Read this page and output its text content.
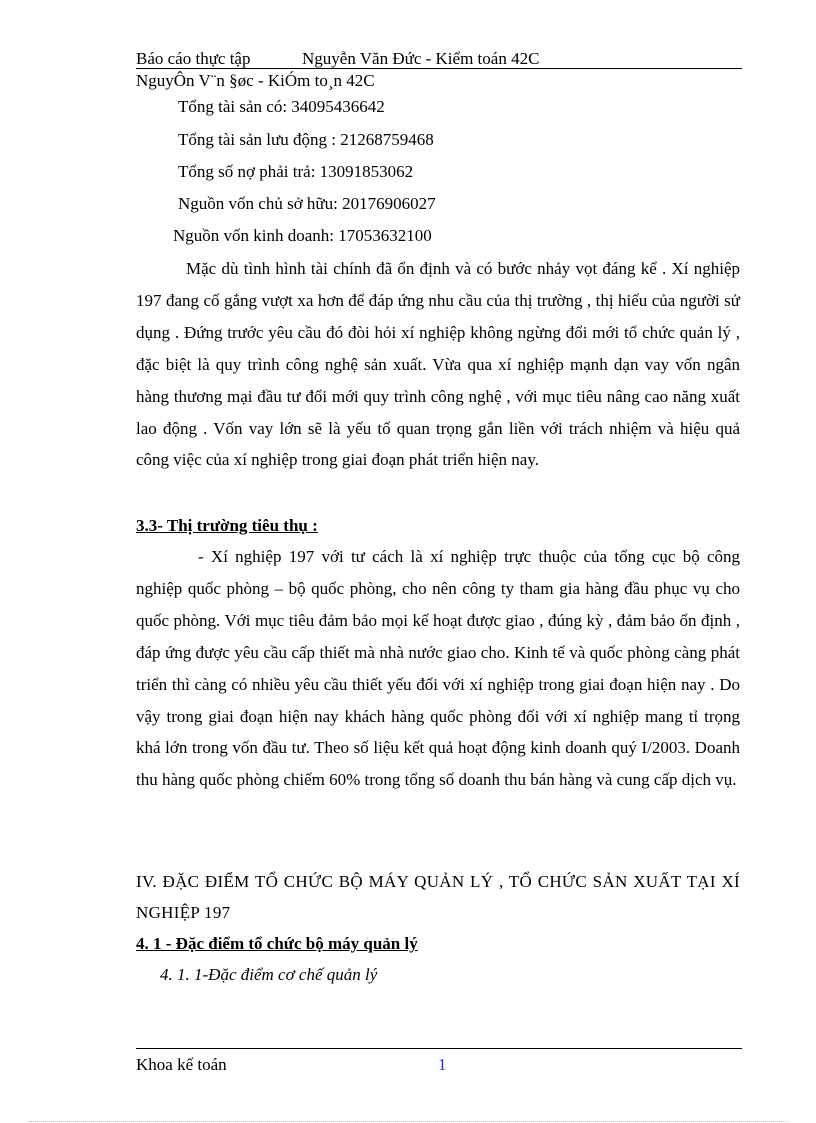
Báo cáo thực tập	Nguyễn Văn Đức - Kiểm toán 42C
NguyÔn V¨n §øc - KiÓm to¸n 42C
Tổng tài sản có: 34095436642
Tổng tài sản lưu động : 21268759468
Tổng số nợ phải trả: 13091853062
Nguồn vốn chủ sở hữu: 20176906027
Nguồn vốn kinh doanh: 17053632100
Mặc dù tình hình tài chính đã ổn định và có bước nhảy vọt đáng kể . Xí nghiệp 197 đang cố gắng vượt xa hơn để đáp ứng nhu cầu của thị trường , thị hiếu của người sử dụng . Đứng trước yêu cầu đó đòi hỏi xí nghiệp không ngừng đổi mới tổ chức quản lý , đặc biệt là quy trình công nghệ sản xuất. Vừa qua xí nghiệp mạnh dạn vay vốn ngân hàng thương mại đầu tư đổi mới quy trình công nghệ , với mục tiêu nâng cao năng xuất lao động . Vốn vay lớn sẽ là yếu tố quan trọng gắn liền với trách nhiệm và hiệu quả công việc của xí nghiệp trong giai đoạn phát triển hiện nay.
3.3- Thị trường tiêu thụ :
- Xí nghiệp 197 với tư cách là xí nghiệp trực thuộc của tổng cục bộ công nghiệp quốc phòng – bộ quốc phòng, cho nên công ty tham gia hàng đầu phục vụ cho quốc phòng. Với mục tiêu đảm bảo mọi kế hoạt được giao , đúng kỳ , đảm bảo ổn định , đáp ứng được yêu cầu cấp thiết mà nhà nước giao cho. Kinh tế và quốc phòng càng phát triển thì càng có nhiều yêu cầu thiết yếu đối với xí nghiệp trong giai đoạn hiện nay . Do vậy trong giai đoạn hiện nay khách hàng quốc phòng đối với xí nghiệp mang tỉ trọng khá lớn trong vốn đầu tư. Theo số liệu kết quả hoạt động kinh doanh quý I/2003. Doanh thu hàng quốc phòng chiếm 60% trong tổng số doanh thu bán hàng và cung cấp dịch vụ.
IV. ĐẶC ĐIỂM TỔ CHỨC BỘ MÁY QUẢN LÝ , TỔ CHỨC SẢN XUẤT TẠI XÍ NGHIỆP 197
4. 1 - Đặc điểm tổ chức bộ máy quản lý
4. 1. 1-Đặc điểm cơ chế quản lý
Khoa kế toán	1
